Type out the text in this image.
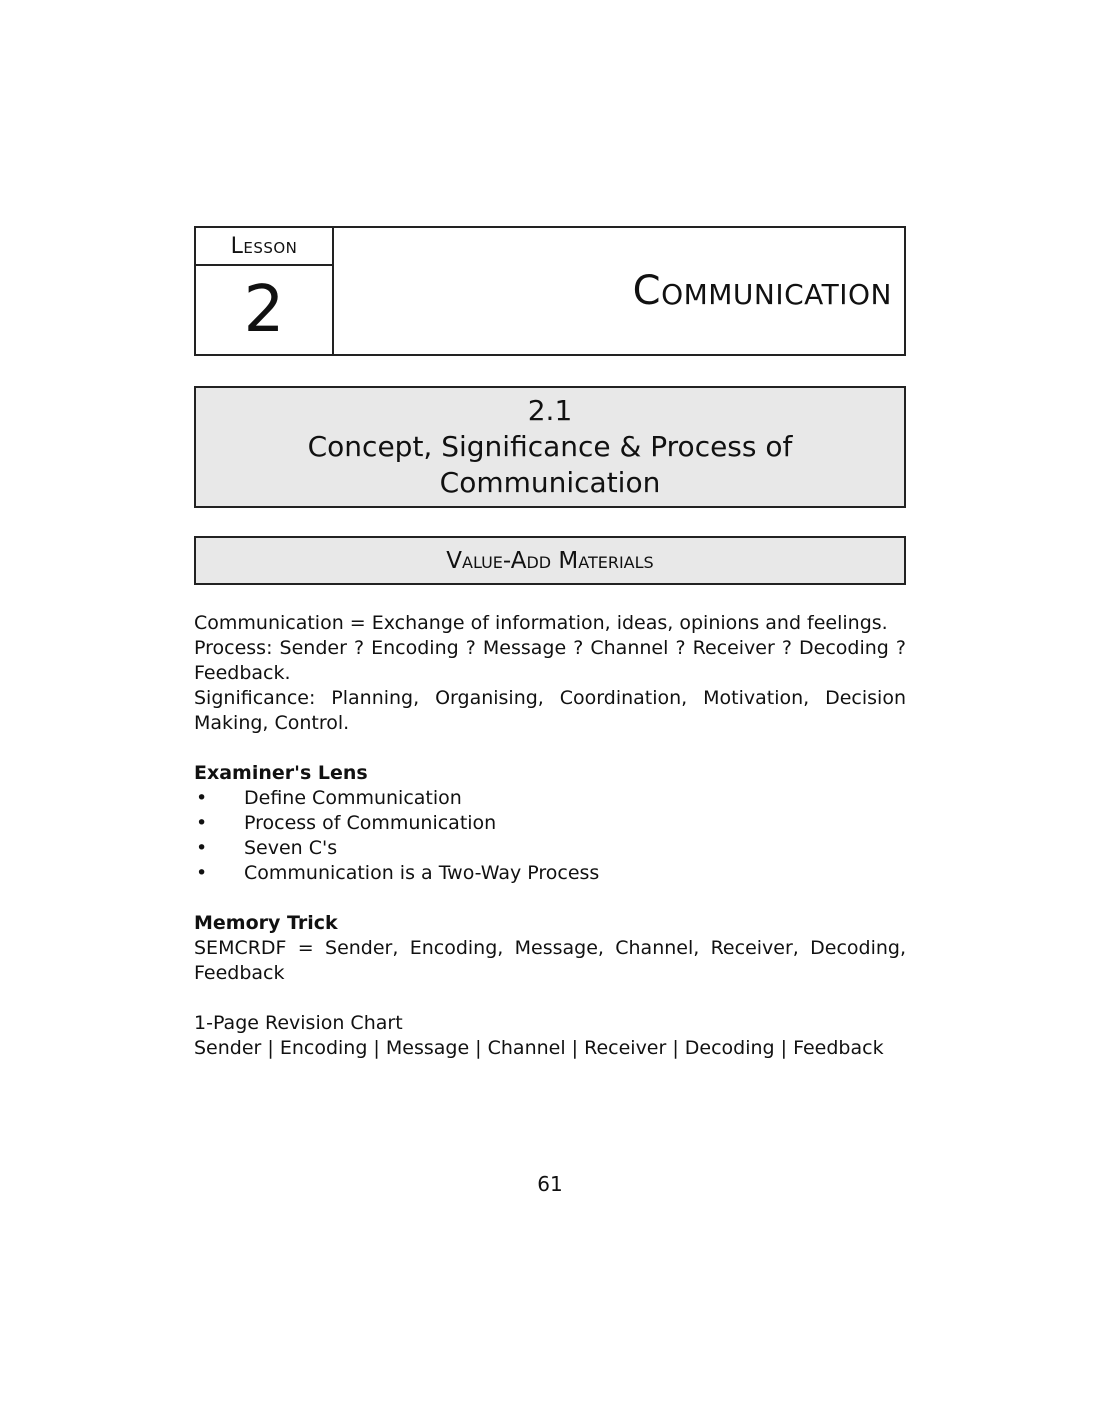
Lesson
2	Communication
2.1
Concept, Significance & Process of
Communication
Value-Add Materials

Communication = Exchange of information, ideas, opinions and feelings.

Process: Sender ? Encoding ? Message ? Channel ? Receiver ? Decoding ? Feedback.

Significance: Planning, Organising, Coordination, Motivation, Decision Making, Control.

Examiner's Lens

• Define Communication
• Process of Communication
• Seven C's
• Communication is a Two-Way Process

Memory Trick

SEMCRDF = Sender, Encoding, Message, Channel, Receiver, Decoding, Feedback

1-Page Revision Chart

Sender | Encoding | Message | Channel | Receiver | Decoding | Feedback

61
